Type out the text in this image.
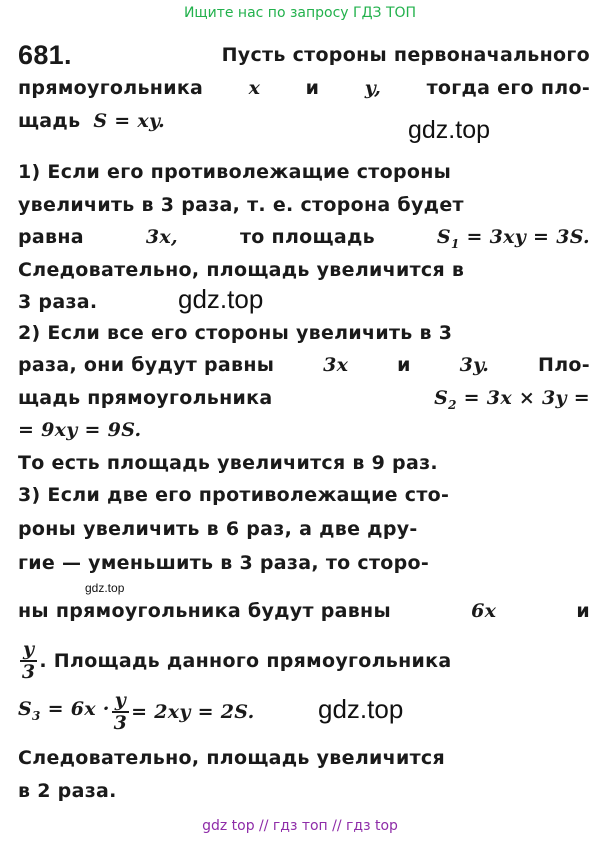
Ищите нас по запросу ГДЗ ТОП
681.	Пусть стороны первоначального
прямоугольника x и y, тогда его пло-
щадь S = xy.	gdz.top
1) Если его противолежащие стороны
увеличить в 3 раза, т. е. сторона будет
равна	3x,	то площадь	$S_1 = 3xy = 3S$.
Следовательно, площадь увеличится в
3 раза.	gdz.top
2) Если все его стороны увеличить в 3
раза, они будут равны	3x	и	3y.	Пло-
щадь прямоугольника	$S_2 = 3x \times 3y$ =
= 9xy = 9S.
То есть площадь увеличится в 9 раз.
3) Если две его противолежащие сто-
роны увеличить в 6 раз, а две дру-
гие — уменьшить в 3 раза, то сторо-
gdz.top
ны прямоугольника будут равны	6x	и
$\frac{y}{3}$ . Площадь данного прямоугольника
$S_3 = 6x \cdot \frac{y}{3} = 2xy = 2S$. gdz.top
Следовательно, площадь увеличится
в 2 раза.
gdz top // гдз топ // гдз top
